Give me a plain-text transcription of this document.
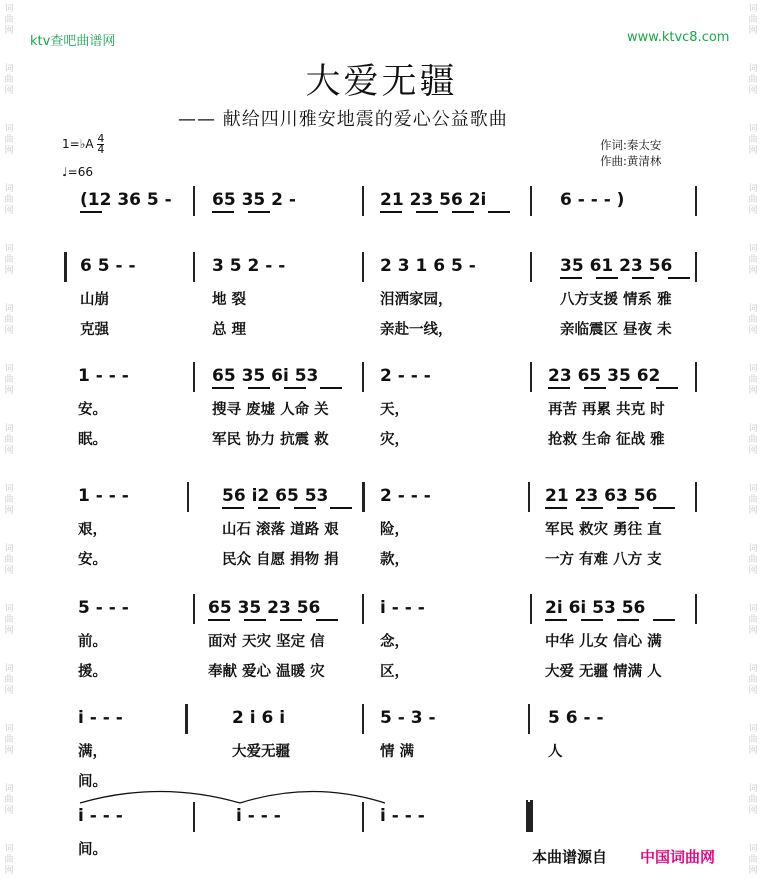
ktv查吧曲谱网	www.ktvc8.com
大爱无疆
—— 献给四川雅安地震的爱心公益歌曲
作词:秦太安
作曲:黄清林
1=♭A $\frac{4}{4}$
♩=66
(12 36 5 - 65 35 2 -	21 23 56 2i	6 - - - )
6 5 - -	3 5 2 - -	2 3 1 6 5 -	35 61 23 56
山崩	地 裂	泪洒家园，	八方支援 情系 雅
克强	总 理	亲赴一线，	亲临震区 昼夜 未
1 - - -	65 35 6i 53	2 - - -	23 65 35 62
安。	搜寻 废墟 人命 关	天，	再苦 再累 共克 时
眠。	军民 协力 抗震 救	灾，	抢救 生命 征战 雅
1 - - -	56 i2 65 53	2 - - -	21 23 63 56
艰，	山石 滚落 道路 艰	险，	军民 救灾 勇往 直
安。	民众 自愿 捐物 捐	款，	一方 有难 八方 支
5 - - -	65 35 23 56	i - - -	2i 6i 53 56
前。	面对 天灾 坚定 信	念，	中华 儿女 信心 满
援。	奉献 爱心 温暖 灾	区，	大爱 无疆 情满 人
i - - -	2 i 6 i	5 - 3 -	5 6 - -
满，	大爱无疆	情 满	人
间。
i - - -	i - - -	i - - -
间。	本曲谱源自 中国词曲网
词
曲
网
词
曲
网
词
曲
网
词
曲
网
词
曲
网
词
曲
网
词
曲
网
词
曲
网
词
曲
网
词
曲
网
词
曲
网
词
曲
网
词
曲
网
词
曲
网
词
曲
网
词
曲
网
词
曲
网
词
曲
网
词
曲
网
词
曲
网
词
曲
网
词
曲
网
词
曲
网
词
曲
网
词
曲
网
词
曲
网
词
曲
网
词
曲
网
词
曲
网
词
曲
网
